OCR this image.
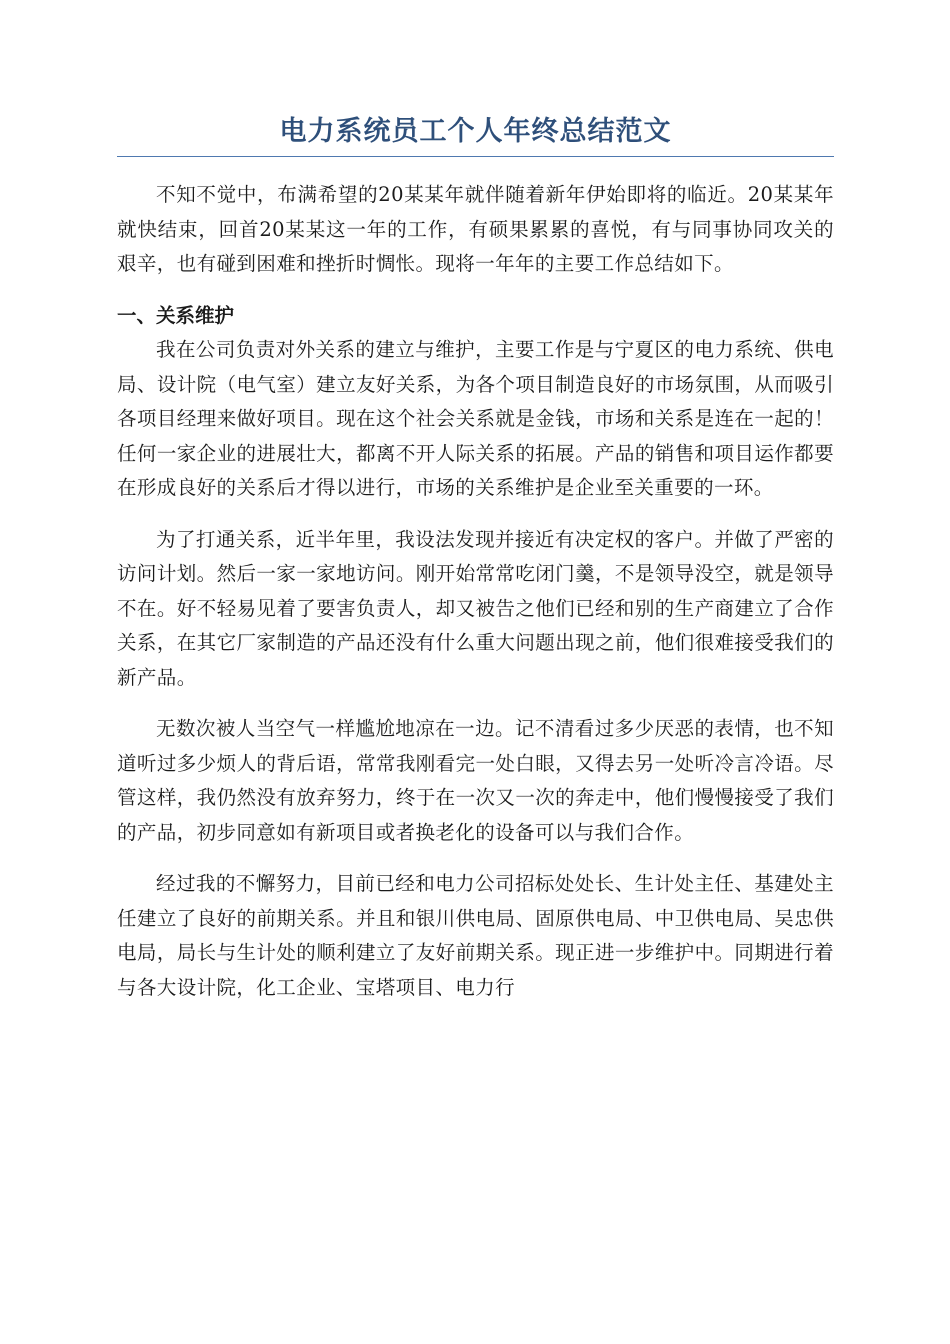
电力系统员工个人年终总结范文

不知不觉中，布满希望的20某某年就伴随着新年伊始即将的临近。20某某年就快结束，回首20某某这一年的工作，有硕果累累的喜悦，有与同事协同攻关的艰辛，也有碰到困难和挫折时惆怅。现将一年年的主要工作总结如下。

一、关系维护

我在公司负责对外关系的建立与维护，主要工作是与宁夏区的电力系统、供电局、设计院（电气室）建立友好关系，为各个项目制造良好的市场氛围，从而吸引各项目经理来做好项目。现在这个社会关系就是金钱，市场和关系是连在一起的！任何一家企业的进展壮大，都离不开人际关系的拓展。产品的销售和项目运作都要在形成良好的关系后才得以进行，市场的关系维护是企业至关重要的一环。

为了打通关系，近半年里，我设法发现并接近有决定权的客户。并做了严密的访问计划。然后一家一家地访问。刚开始常常吃闭门羹，不是领导没空，就是领导不在。好不轻易见着了要害负责人，却又被告之他们已经和别的生产商建立了合作关系，在其它厂家制造的产品还没有什么重大问题出现之前，他们很难接受我们的新产品。

无数次被人当空气一样尴尬地凉在一边。记不清看过多少厌恶的表情，也不知道听过多少烦人的背后语，常常我刚看完一处白眼，又得去另一处听冷言冷语。尽管这样，我仍然没有放弃努力，终于在一次又一次的奔走中，他们慢慢接受了我们的产品，初步同意如有新项目或者换老化的设备可以与我们合作。

经过我的不懈努力，目前已经和电力公司招标处处长、生计处主任、基建处主任建立了良好的前期关系。并且和银川供电局、固原供电局、中卫供电局、吴忠供电局，局长与生计处的顺利建立了友好前期关系。现正进一步维护中。同期进行着与各大设计院，化工企业、宝塔项目、电力行
